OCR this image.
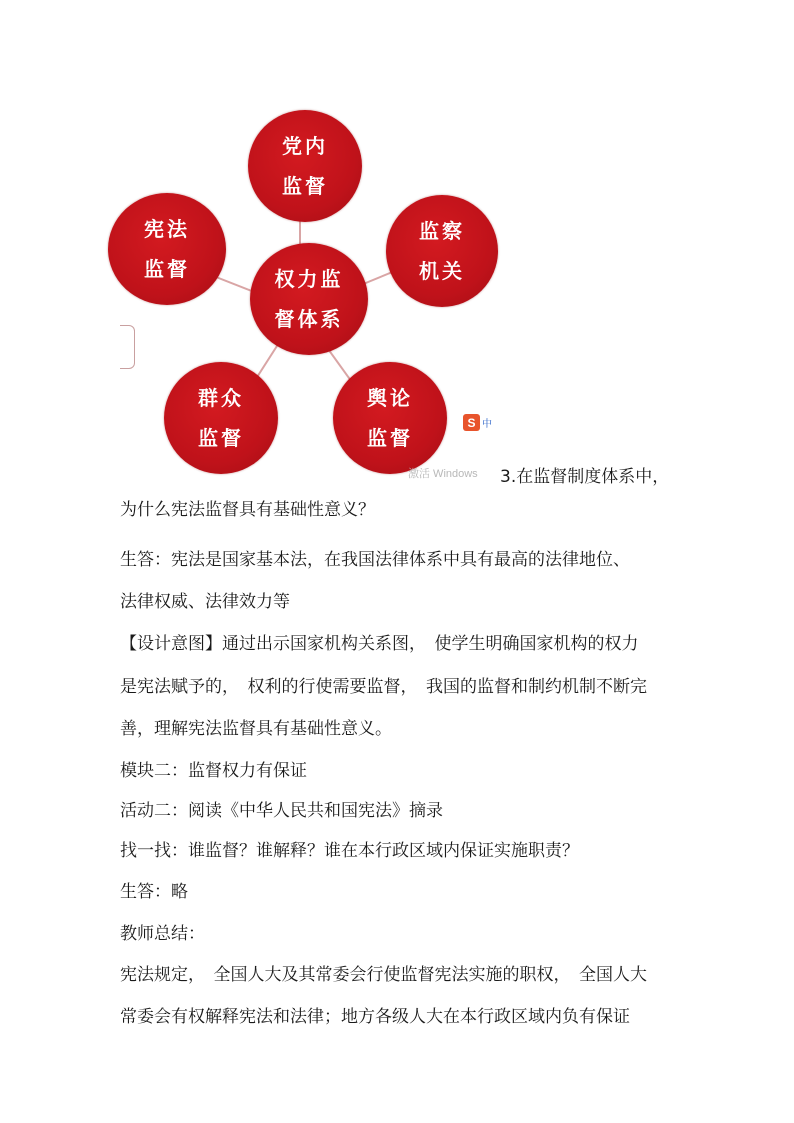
宪法
监督
党内
监督
监察
机关
权力监
督体系
群众
监督
舆论
监督
S 中
激活 Windows 3.在监督制度体系中，
为什么宪法监督具有基础性意义？
生答：宪法是国家基本法，在我国法律体系中具有最高的法律地位、
法律权威、法律效力等
【设计意图】通过出示国家机构关系图，　使学生明确国家机构的权力
是宪法赋予的，　权利的行使需要监督，　我国的监督和制约机制不断完
善，理解宪法监督具有基础性意义。
模块二：监督权力有保证
活动二：阅读《中华人民共和国宪法》摘录
找一找：谁监督？谁解释？谁在本行政区域内保证实施职责？
生答：略
教师总结：
宪法规定，　全国人大及其常委会行使监督宪法实施的职权，　全国人大
常委会有权解释宪法和法律；地方各级人大在本行政区域内负有保证
